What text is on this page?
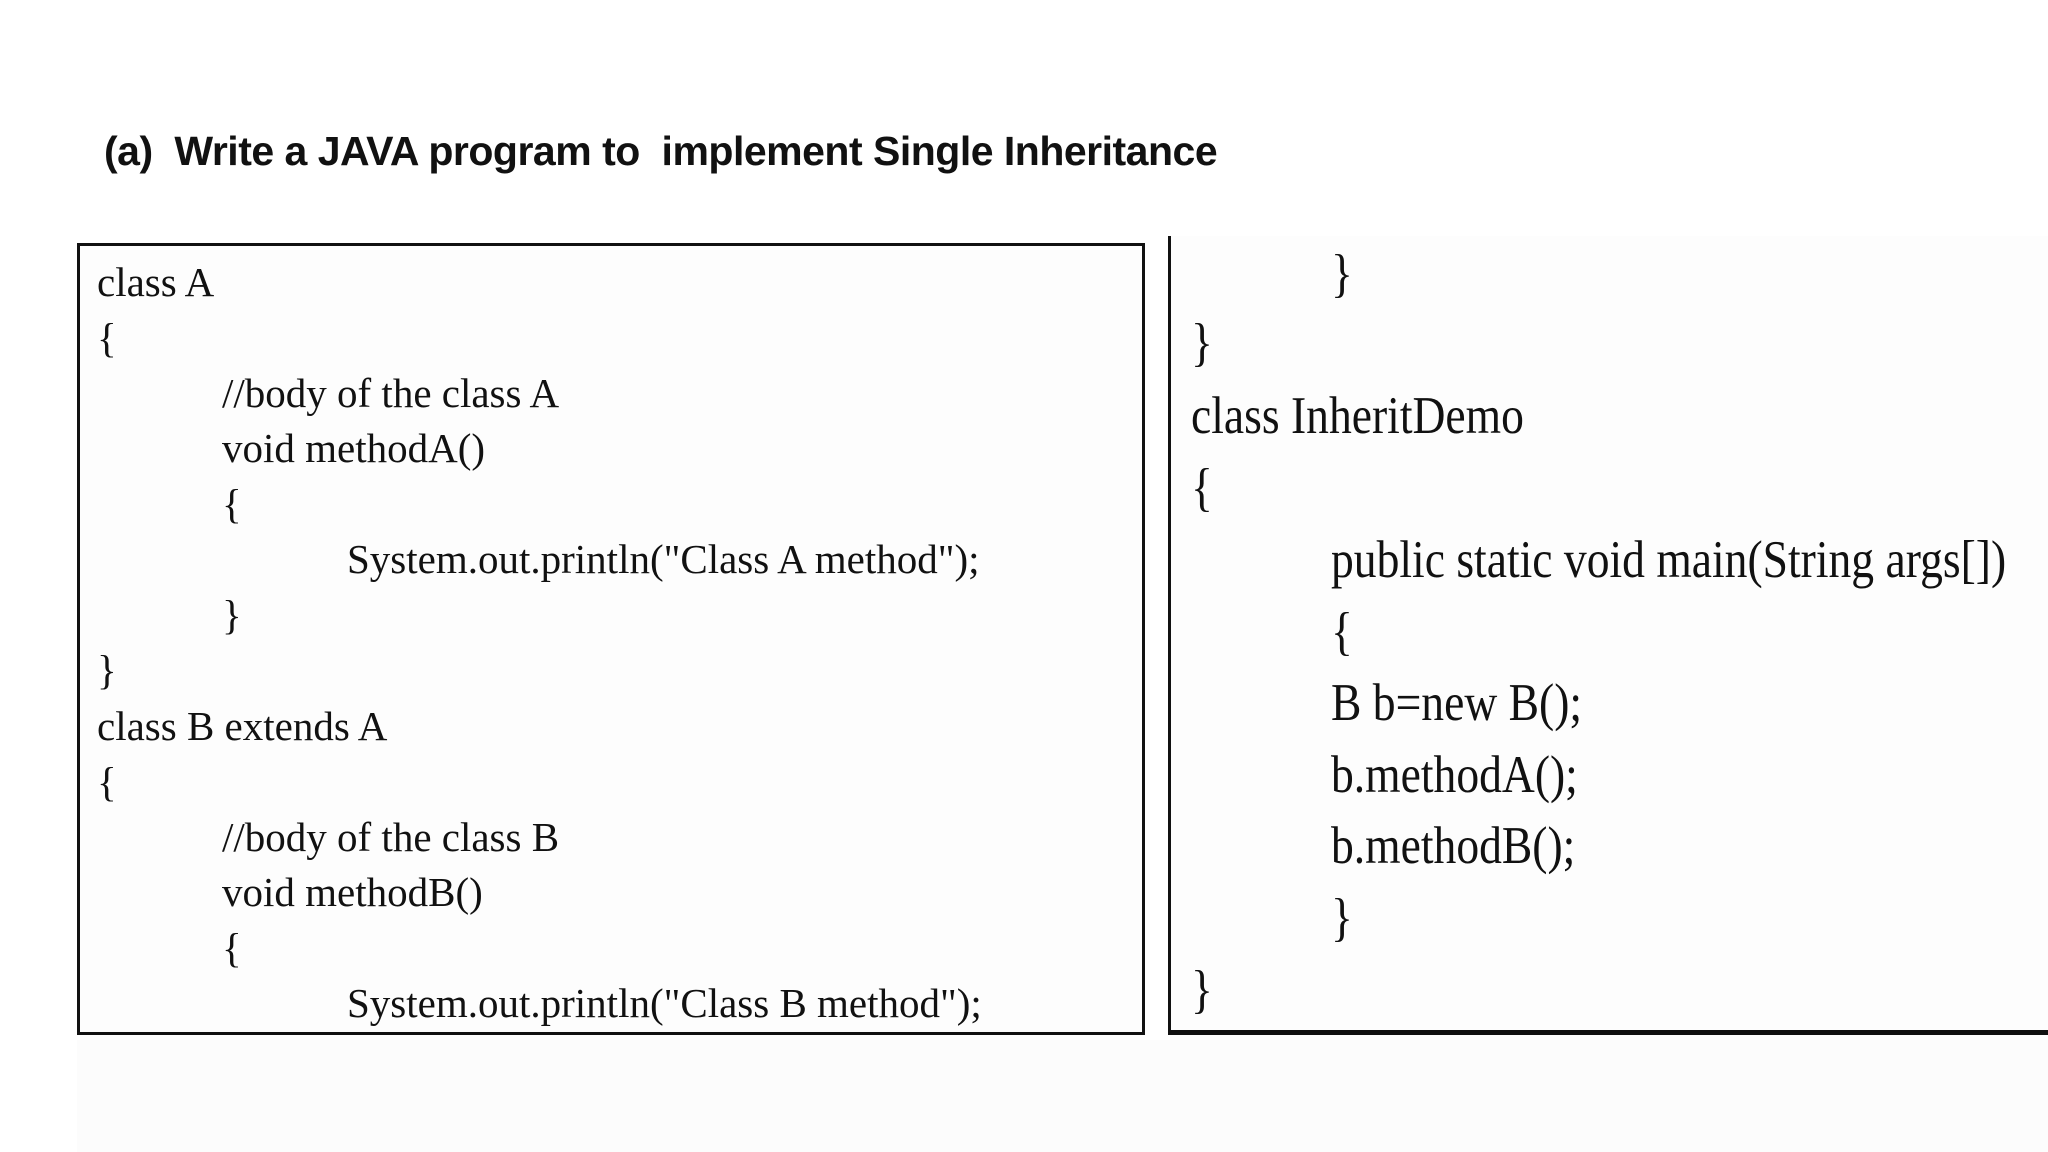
(a)  Write a JAVA program to  implement Single Inheritance
class A
{
//body of the class A
void methodA()
{
System.out.println("Class A method");
}
}
class B extends A
{
//body of the class B
void methodB()
{
System.out.println("Class B method");
}
}
class InheritDemo
{
public static void main(String args[])
{
B b=new B();
b.methodA();
b.methodB();
}
}
